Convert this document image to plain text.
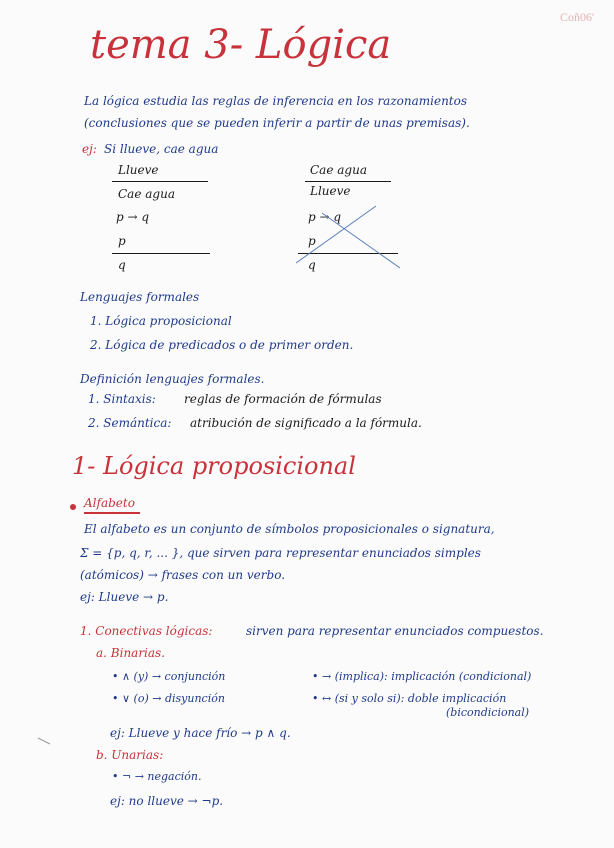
Coñ06'
tema 3- Lógica
La lógica estudia las reglas de inferencia en los razonamientos
(conclusiones que se pueden inferir a partir de unas premisas).
ej: Si llueve, cae agua
Llueve
Cae agua
p → q
p
q
Cae agua
Llueve
p → q
p
q
Lenguajes formales
1. Lógica proposicional
2. Lógica de predicados o de primer orden.
Definición lenguajes formales.
1. Sintaxis: reglas de formación de fórmulas
2. Semántica: atribución de significado a la fórmula.
1- Lógica proposicional
Alfabeto
El alfabeto es un conjunto de símbolos proposicionales o signatura,
Σ = {p, q, r, ... }, que sirven para representar enunciados simples
(atómicos) → frases con un verbo.
ej: Llueve → p.
1. Conectivas lógicas:	sirven para representar enunciados compuestos.
a. Binarias.
• ∧ (y) → conjunción
• ∨ (o) → disyunción
• → (implica): implicación (condicional)
• ↔ (si y solo si): doble implicación
(bicondicional)
ej: Llueve y hace frío → p ∧ q.
b. Unarias:
• ¬ → negación.
ej: no llueve → ¬p.
